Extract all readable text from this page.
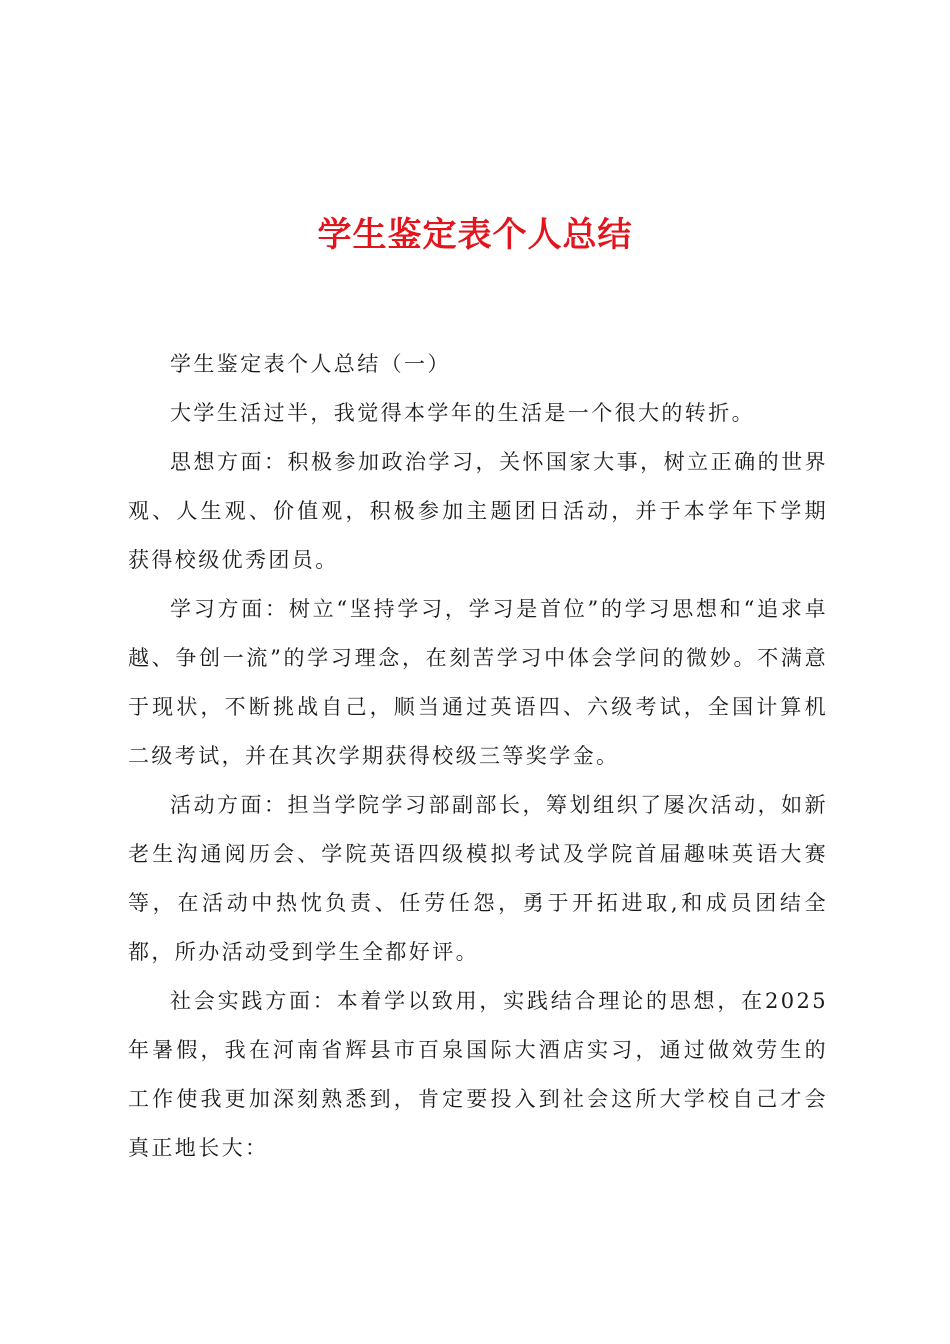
学生鉴定表个人总结

学生鉴定表个人总结（一）

大学生活过半，我觉得本学年的生活是一个很大的转折。

思想方面：积极参加政治学习，关怀国家大事，树立正确的世界观、人生观、价值观，积极参加主题团日活动，并于本学年下学期获得校级优秀团员。

学习方面：树立“坚持学习，学习是首位”的学习思想和“追求卓越、争创一流”的学习理念，在刻苦学习中体会学问的微妙。不满意于现状，不断挑战自己，顺当通过英语四、六级考试，全国计算机二级考试，并在其次学期获得校级三等奖学金。

活动方面：担当学院学习部副部长，筹划组织了屡次活动，如新老生沟通阅历会、学院英语四级模拟考试及学院首届趣味英语大赛等，在活动中热忱负责、任劳任怨，勇于开拓进取,和成员团结全都，所办活动受到学生全都好评。

社会实践方面：本着学以致用，实践结合理论的思想，在2025年暑假，我在河南省辉县市百泉国际大酒店实习，通过做效劳生的工作使我更加深刻熟悉到，肯定要投入到社会这所大学校自己才会真正地长大：
